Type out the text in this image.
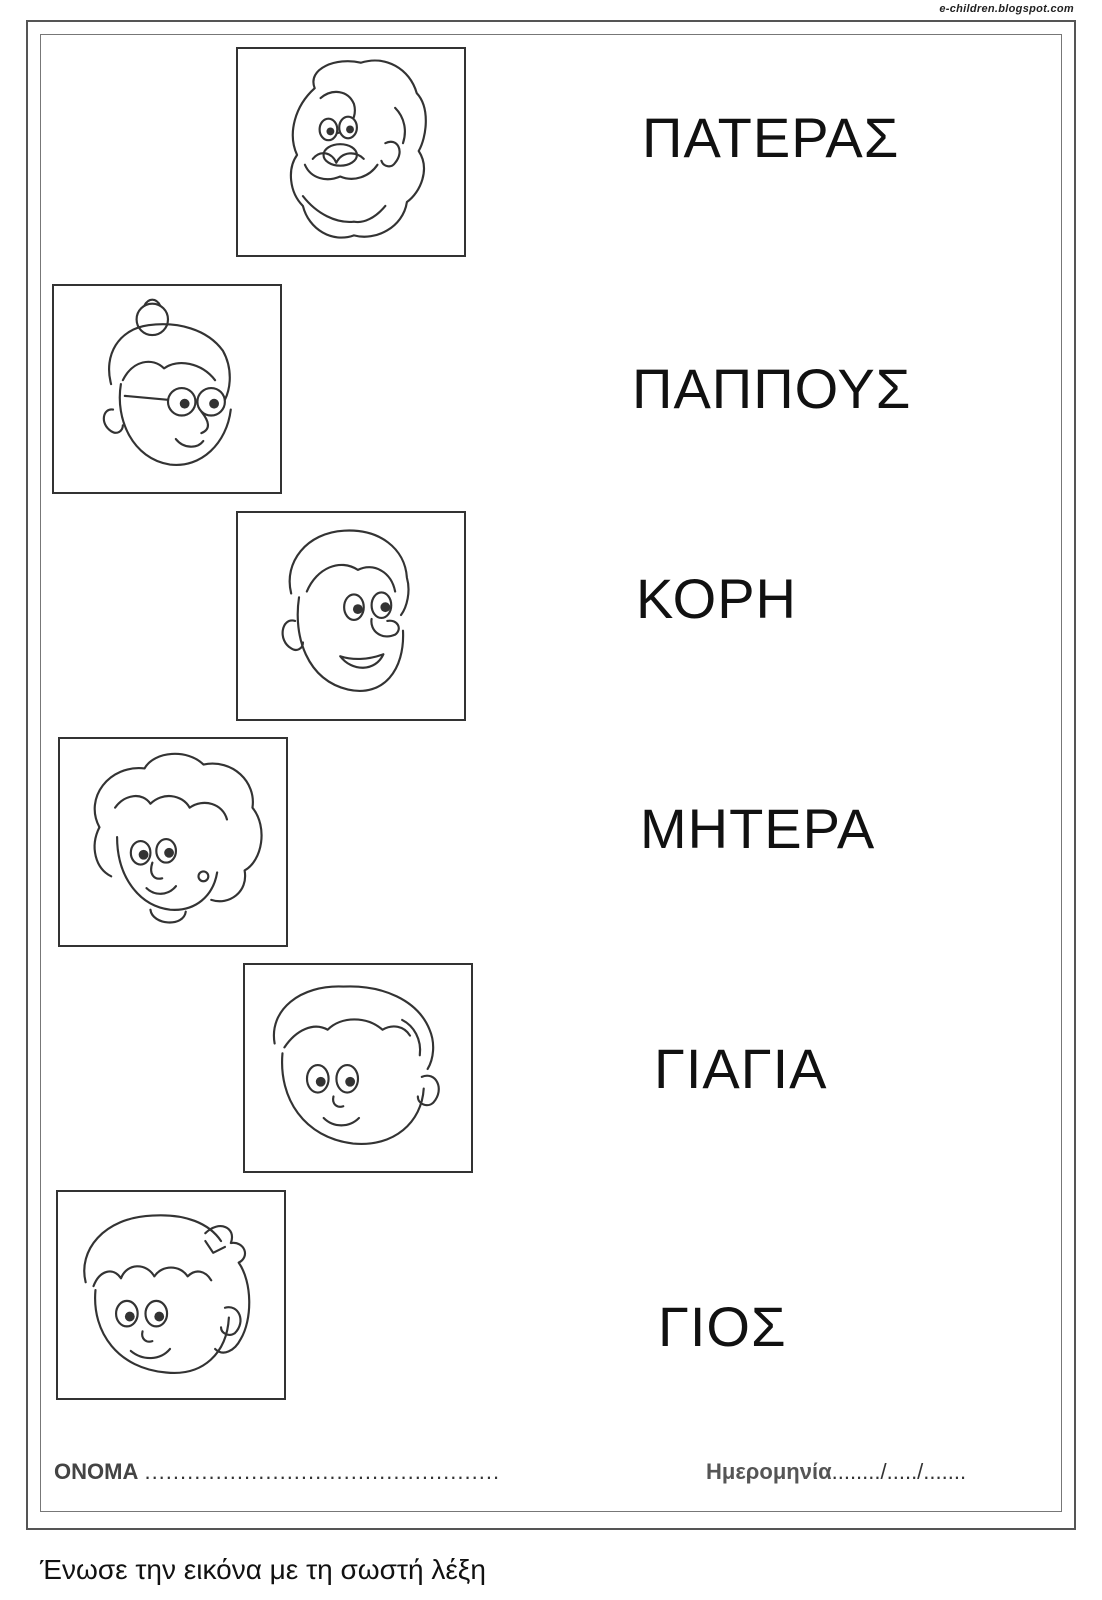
e-children.blogspot.com
ΠΑΤΕΡΑΣ
ΠΑΠΠΟΥΣ
ΚΟΡΗ
ΜΗΤΕΡΑ
ΓΙΑΓΙΑ
ΓΙΟΣ
ΟΝΟΜΑ ..................................................	Ημερομηνία......../...../.......
Ένωσε την εικόνα με τη σωστή λέξη
